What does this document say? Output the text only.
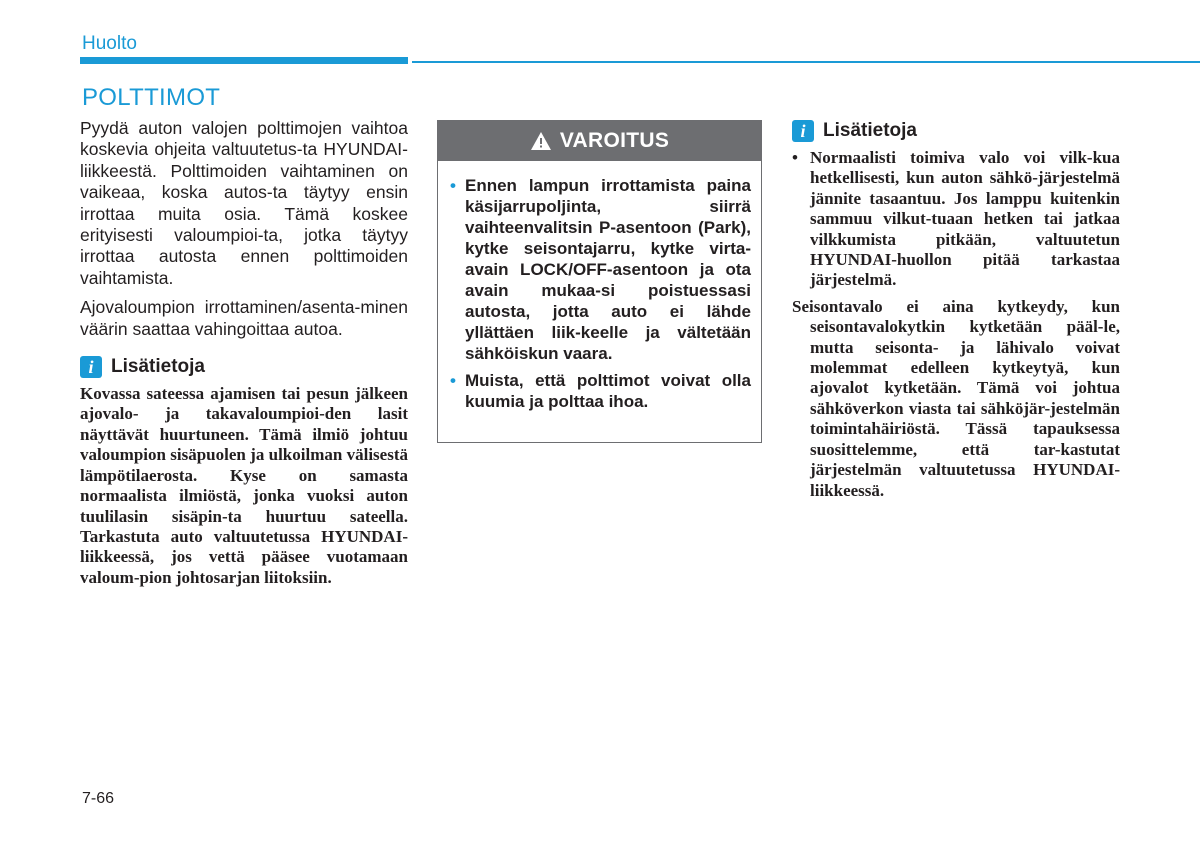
Huolto
POLTTIMOT

Pyydä auton valojen polttimojen vaihtoa koskevia ohjeita valtuutetus-ta HYUNDAI-liikkeestä. Polttimoiden vaihtaminen on vaikeaa, koska autos-ta täytyy ensin irrottaa muita osia. Tämä koskee erityisesti valoumpioi-ta, jotka täytyy irrottaa autosta ennen polttimoiden vaihtamista.

Ajovaloumpion irrottaminen/asenta-minen väärin saattaa vahingoittaa autoa.

i Lisätietoja

Kovassa sateessa ajamisen tai pesun jälkeen ajovalo- ja takavaloumpioi-den lasit näyttävät huurtuneen. Tämä ilmiö johtuu valoumpion sisäpuolen ja ulkoilman välisestä lämpötilaerosta. Kyse on samasta normaalista ilmiöstä, jonka vuoksi auton tuulilasin sisäpin-ta huurtuu sateella. Tarkastuta auto valtuutetussa HYUNDAI-liikkeessä, jos vettä pääsee vuotamaan valoum-pion johtosarjan liitoksiin.

VAROITUS
• Ennen lampun irrottamista paina käsijarrupoljinta, siirrä vaihteenvalitsin P-asentoon (Park), kytke seisontajarru, kytke virta-avain LOCK/OFF-asentoon ja ota avain mukaa-si poistuessasi autosta, jotta auto ei lähde yllättäen liik-keelle ja vältetään sähköiskun vaara.
• Muista, että polttimot voivat olla kuumia ja polttaa ihoa.
i Lisätietoja

• Normaalisti toimiva valo voi vilk-kua hetkellisesti, kun auton sähkö-järjestelmä jännite tasaantuu. Jos lamppu kuitenkin sammuu vilkut-tuaan hetken tai jatkaa vilkkumista pitkään, valtuutetun HYUNDAI-huollon pitää tarkastaa järjestelmä.

Seisontavalo ei aina kytkeydy, kun seisontavalokytkin kytketään pääl-le, mutta seisonta- ja lähivalo voivat molemmat edelleen kytkeytyä, kun ajovalot kytketään. Tämä voi johtua sähköverkon viasta tai sähköjär-jestelmän toimintahäiriöstä. Tässä tapauksessa suosittelemme, että tar-kastutat järjestelmän valtuutetussa HYUNDAI-liikkeessä.

7-66
